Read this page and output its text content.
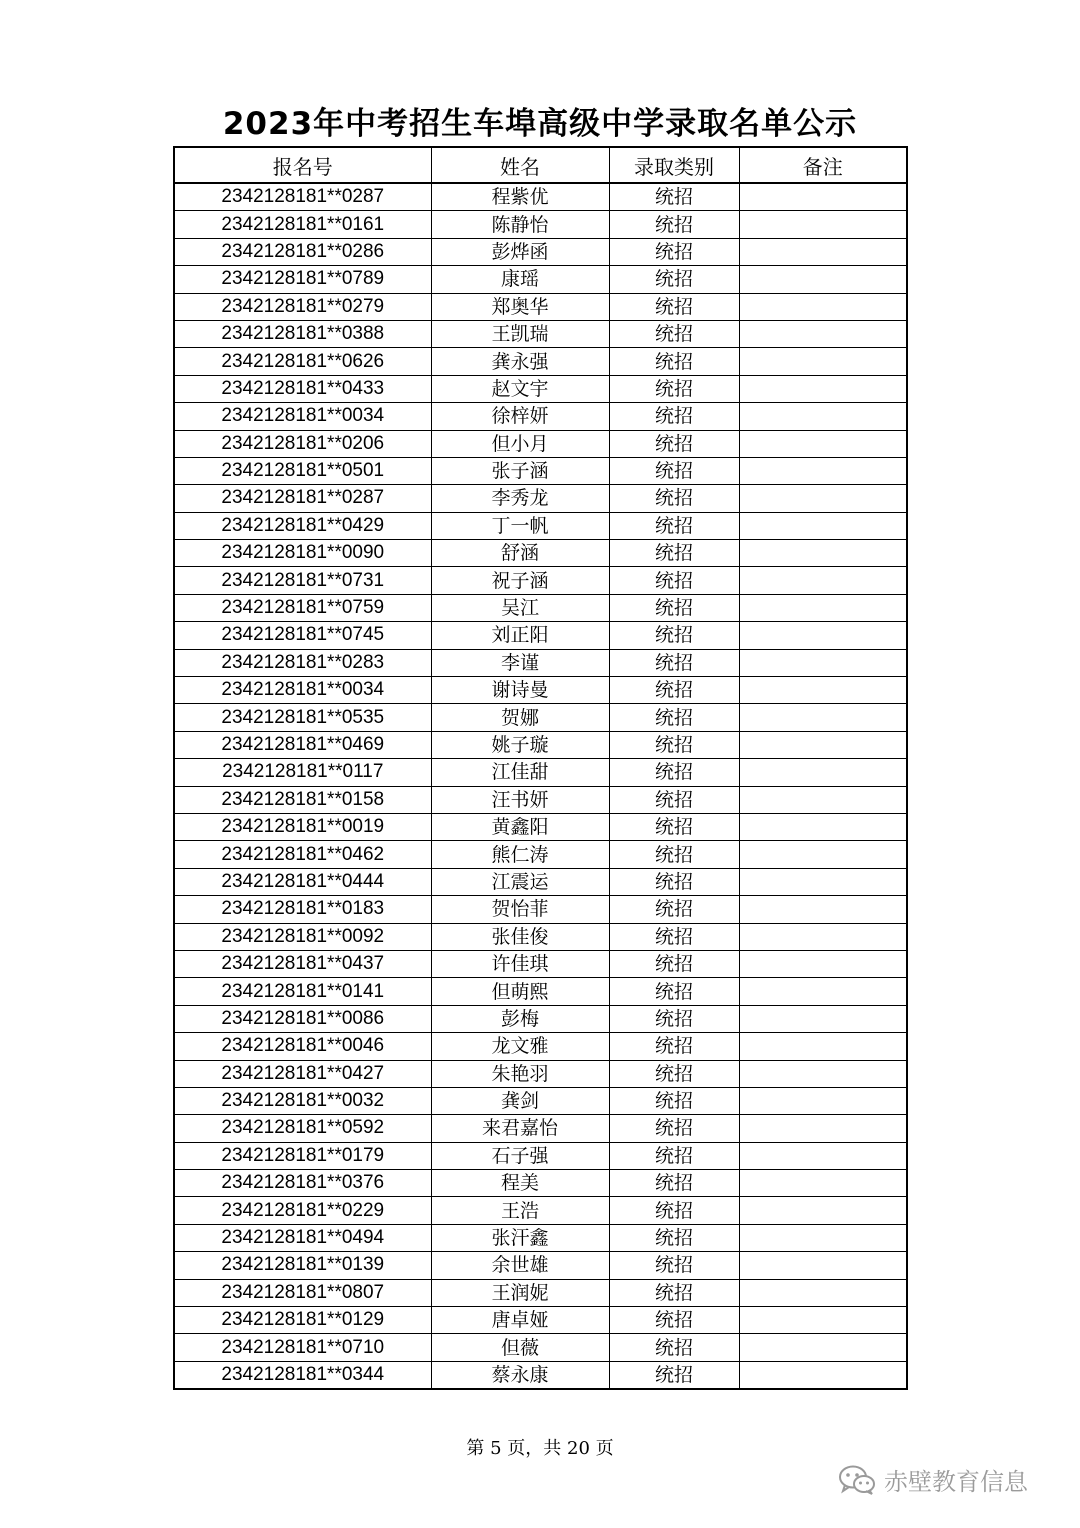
2023年中考招生车埠高级中学录取名单公示
报名号	姓名	录取类别	备注
2342128181**0287	程紫优	统招	
2342128181**0161	陈静怡	统招	
2342128181**0286	彭烨函	统招	
2342128181**0789	康瑶	统招	
2342128181**0279	郑奥华	统招	
2342128181**0388	王凯瑞	统招	
2342128181**0626	龚永强	统招	
2342128181**0433	赵文宇	统招	
2342128181**0034	徐梓妍	统招	
2342128181**0206	但小月	统招	
2342128181**0501	张子涵	统招	
2342128181**0287	李秀龙	统招	
2342128181**0429	丁一帆	统招	
2342128181**0090	舒涵	统招	
2342128181**0731	祝子涵	统招	
2342128181**0759	吴江	统招	
2342128181**0745	刘正阳	统招	
2342128181**0283	李谨	统招	
2342128181**0034	谢诗曼	统招	
2342128181**0535	贺娜	统招	
2342128181**0469	姚子璇	统招	
2342128181**0117	江佳甜	统招	
2342128181**0158	汪书妍	统招	
2342128181**0019	黄鑫阳	统招	
2342128181**0462	熊仁涛	统招	
2342128181**0444	江震运	统招	
2342128181**0183	贺怡菲	统招	
2342128181**0092	张佳俊	统招	
2342128181**0437	许佳琪	统招	
2342128181**0141	但萌熙	统招	
2342128181**0086	彭梅	统招	
2342128181**0046	龙文雅	统招	
2342128181**0427	朱艳羽	统招	
2342128181**0032	龚剑	统招	
2342128181**0592	来君嘉怡	统招	
2342128181**0179	石子强	统招	
2342128181**0376	程美	统招	
2342128181**0229	王浩	统招	
2342128181**0494	张汗鑫	统招	
2342128181**0139	余世雄	统招	
2342128181**0807	王润妮	统招	
2342128181**0129	唐卓娅	统招	
2342128181**0710	但薇	统招	
2342128181**0344	蔡永康	统招	
第 5 页，共 20 页
赤壁教育信息
